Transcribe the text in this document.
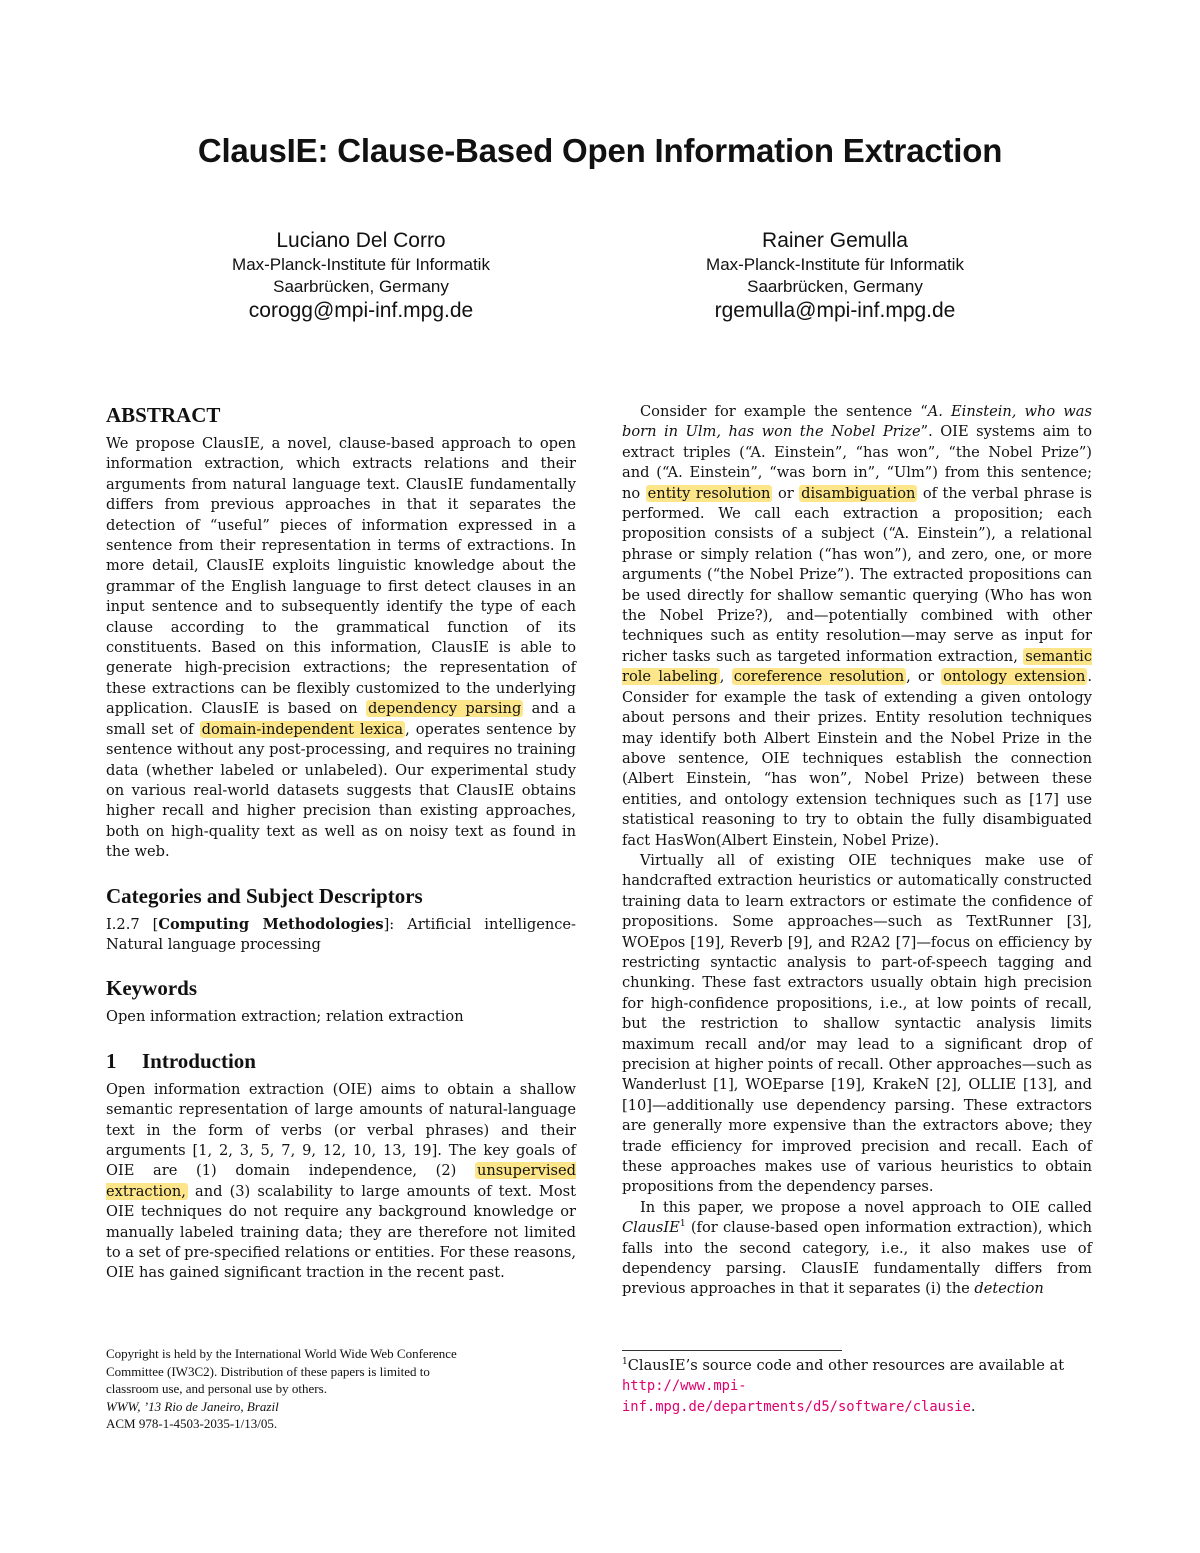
ClausIE: Clause-Based Open Information Extraction
Luciano Del Corro
Max-Planck-Institute für Informatik
Saarbrücken, Germany
corogg@mpi-inf.mpg.de
Rainer Gemulla
Max-Planck-Institute für Informatik
Saarbrücken, Germany
rgemulla@mpi-inf.mpg.de
ABSTRACT

We propose ClausIE, a novel, clause-based approach to open information extraction, which extracts relations and their arguments from natural language text. ClausIE fundamentally differs from previous approaches in that it separates the detection of “useful” pieces of information expressed in a sentence from their representation in terms of extractions. In more detail, ClausIE exploits linguistic knowledge about the grammar of the English language to first detect clauses in an input sentence and to subsequently identify the type of each clause according to the grammatical function of its constituents. Based on this information, ClausIE is able to generate high-precision extractions; the representation of these extractions can be flexibly customized to the underlying application. ClausIE is based on dependency parsing and a small set of domain-independent lexica , operates sentence by sentence without any post-processing, and requires no training data (whether labeled or unlabeled). Our experimental study on various real-world datasets suggests that ClausIE obtains higher recall and higher precision than existing approaches, both on high-quality text as well as on noisy text as found in the web.

Categories and Subject Descriptors

I.2.7 [Computing Methodologies]: Artificial intelligence-Natural language processing

Keywords

Open information extraction; relation extraction

1 Introduction

Open information extraction (OIE) aims to obtain a shallow semantic representation of large amounts of natural-language text in the form of verbs (or verbal phrases) and their arguments [1, 2, 3, 5, 7, 9, 12, 10, 13, 19]. The key goals of OIE are (1) domain independence, (2) unsupervised extraction, and (3) scalability to large amounts of text. Most OIE techniques do not require any background knowledge or manually labeled training data; they are therefore not limited to a set of pre-specified relations or entities. For these reasons, OIE has gained significant traction in the recent past.

Copyright is held by the International World Wide Web Conference
Committee (IW3C2). Distribution of these papers is limited to
classroom use, and personal use by others.
WWW, ’13 Rio de Janeiro, Brazil
ACM 978-1-4503-2035-1/13/05.

Consider for example the sentence “A. Einstein, who was born in Ulm, has won the Nobel Prize”. OIE systems aim to extract triples (“A. Einstein”, “has won”, “the Nobel Prize”) and (“A. Einstein”, “was born in”, “Ulm”) from this sentence; no entity resolution or disambiguation of the verbal phrase is performed. We call each extraction a proposition; each proposition consists of a subject (“A. Einstein”), a relational phrase or simply relation (“has won”), and zero, one, or more arguments (“the Nobel Prize”). The extracted propositions can be used directly for shallow semantic querying (Who has won the Nobel Prize?), and—potentially combined with other techniques such as entity resolution—may serve as input for richer tasks such as targeted information extraction, semantic role labeling , coreference resolution , or ontology extension . Consider for example the task of extending a given ontology about persons and their prizes. Entity resolution techniques may identify both Albert Einstein and the Nobel Prize in the above sentence, OIE techniques establish the connection (Albert Einstein, “has won”, Nobel Prize) between these entities, and ontology extension techniques such as [17] use statistical reasoning to try to obtain the fully disambiguated fact HasWon(Albert Einstein, Nobel Prize).

Virtually all of existing OIE techniques make use of handcrafted extraction heuristics or automatically constructed training data to learn extractors or estimate the confidence of propositions. Some approaches—such as TextRunner [3], WOEpos [19], Reverb [9], and R2A2 [7]—focus on efficiency by restricting syntactic analysis to part-of-speech tagging and chunking. These fast extractors usually obtain high precision for high-confidence propositions, i.e., at low points of recall, but the restriction to shallow syntactic analysis limits maximum recall and/or may lead to a significant drop of precision at higher points of recall. Other approaches—such as Wanderlust [1], WOEparse [19], KrakeN [2], OLLIE [13], and [10]—additionally use dependency parsing. These extractors are generally more expensive than the extractors above; they trade efficiency for improved precision and recall. Each of these approaches makes use of various heuristics to obtain propositions from the dependency parses.

In this paper, we propose a novel approach to OIE called ClausIE$^1$ (for clause-based open information extraction), which falls into the second category, i.e., it also makes use of dependency parsing. ClausIE fundamentally differs from previous approaches in that it separates (i) the detection

$^1$ClausIE’s source code and other resources are available at http://www.mpi-inf.mpg.de/departments/d5/software/clausie.
